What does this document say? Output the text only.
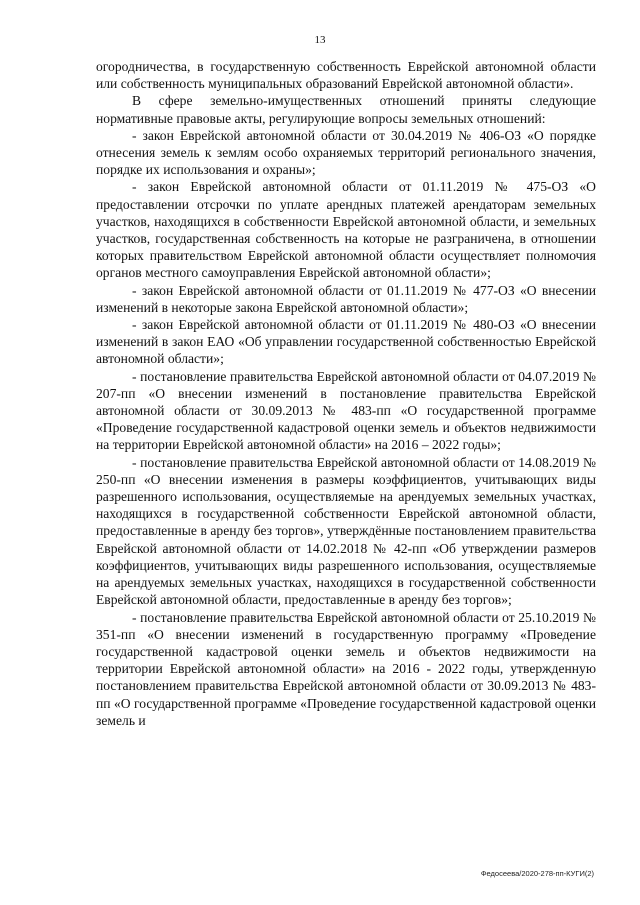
13

огородничества, в государственную собственность Еврейской автономной области или собственность муниципальных образований Еврейской автономной области».

В сфере земельно-имущественных отношений приняты следующие нормативные правовые акты, регулирующие вопросы земельных отношений:

- закон Еврейской автономной области от 30.04.2019 № 406-ОЗ «О порядке отнесения земель к землям особо охраняемых территорий регионального значения, порядке их использования и охраны»;

- закон Еврейской автономной области от 01.11.2019 № 475-ОЗ «О предоставлении отсрочки по уплате арендных платежей арендаторам земельных участков, находящихся в собственности Еврейской автономной области, и земельных участков, государственная собственность на которые не разграничена, в отношении которых правительством Еврейской автономной области осуществляет полномочия органов местного самоуправления Еврейской автономной области»;

- закон Еврейской автономной области от 01.11.2019 № 477-ОЗ «О внесении изменений в некоторые закона Еврейской автономной области»;

- закон Еврейской автономной области от 01.11.2019 № 480-ОЗ «О внесении изменений в закон ЕАО «Об управлении государственной собственностью Еврейской автономной области»;

- постановление правительства Еврейской автономной области от 04.07.2019 № 207-пп «О внесении изменений в постановление правительства Еврейской автономной области от 30.09.2013 № 483-пп «О государственной программе «Проведение государственной кадастровой оценки земель и объектов недвижимости на территории Еврейской автономной области» на 2016 – 2022 годы»;

- постановление правительства Еврейской автономной области от 14.08.2019 № 250-пп «О внесении изменения в размеры коэффициентов, учитывающих виды разрешенного использования, осуществляемые на арендуемых земельных участках, находящихся в государственной собственности Еврейской автономной области, предоставленные в аренду без торгов», утверждённые постановлением правительства Еврейской автономной области от 14.02.2018 № 42-пп «Об утверждении размеров коэффициентов, учитывающих виды разрешенного использования, осуществляемые на арендуемых земельных участках, находящихся в государственной собственности Еврейской автономной области, предоставленные в аренду без торгов»;

- постановление правительства Еврейской автономной области от 25.10.2019 № 351-пп «О внесении изменений в государственную программу «Проведение государственной кадастровой оценки земель и объектов недвижимости на территории Еврейской автономной области» на 2016 - 2022 годы, утвержденную постановлением правительства Еврейской автономной области от 30.09.2013 № 483-пп «О государственной программе «Проведение государственной кадастровой оценки земель и

Федосеева/2020-278-пп-КУГИ(2)
